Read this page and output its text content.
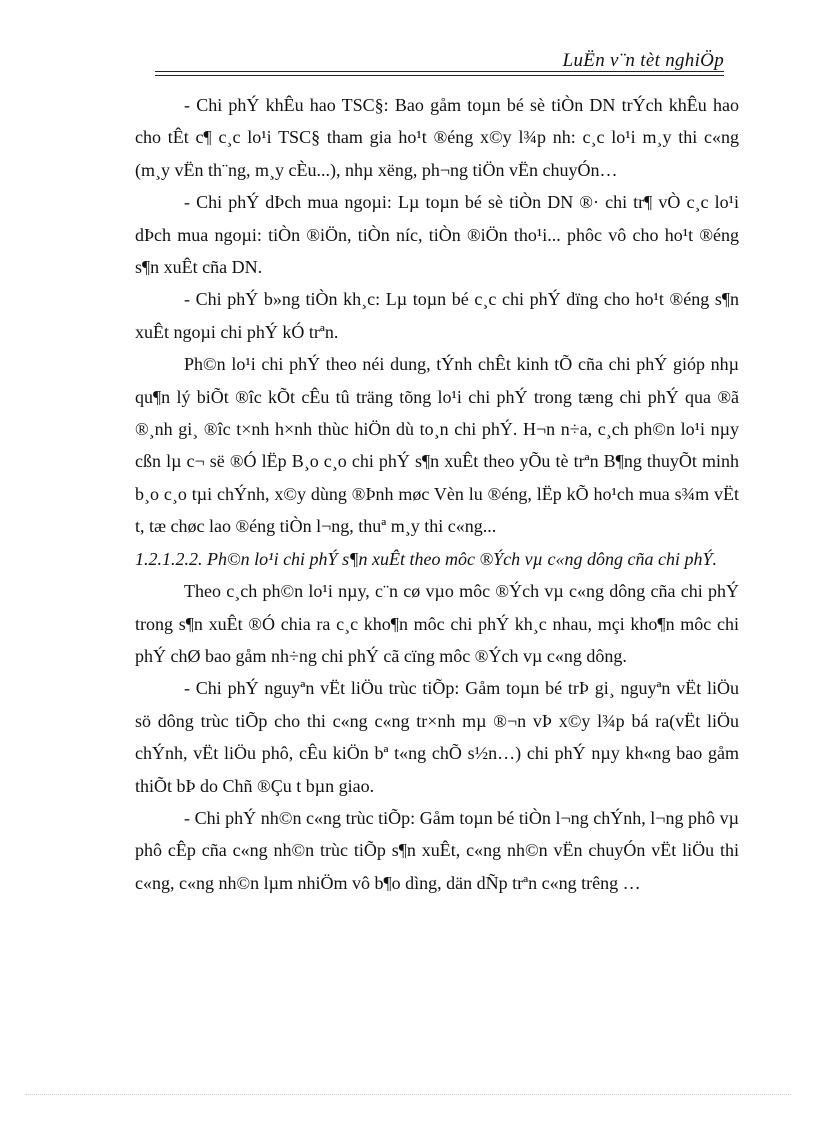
LuËn v¨n tèt nghiÖp

- Chi phÝ khÊu hao TSC§: Bao gåm toµn bé sè tiÒn DN trÝch khÊu hao cho tÊt c¶ c¸c lo¹i TSC§ tham gia ho¹t ®éng x©y l¾p nh: c¸c lo¹i m¸y thi c«ng (m¸y vËn th¨ng, m¸y cÈu...), nhµ xëng, ph¬ng tiÖn vËn chuyÓn…

- Chi phÝ dÞch mua ngoµi: Lµ toµn bé sè tiÒn DN ®· chi tr¶ vÒ c¸c lo¹i dÞch mua ngoµi: tiÒn ®iÖn, tiÒn níc, tiÒn ®iÖn tho¹i... phôc vô cho ho¹t ®éng s¶n xuÊt cña DN.

- Chi phÝ b»ng tiÒn kh¸c: Lµ toµn bé c¸c chi phÝ dïng cho ho¹t ®éng s¶n xuÊt ngoµi chi phÝ kÓ trªn.

Ph©n lo¹i chi phÝ theo néi dung, tÝnh chÊt kinh tÕ cña chi phÝ gióp nhµ qu¶n lý biÕt ®îc kÕt cÊu tû träng tõng lo¹i chi phÝ trong tæng chi phÝ qua ®ã ®¸nh gi¸ ®îc t×nh h×nh thùc hiÖn dù to¸n chi phÝ. H¬n n÷a, c¸ch ph©n lo¹i nµy cßn lµ c¬ së ®Ó lËp B¸o c¸o chi phÝ s¶n xuÊt theo yÕu tè trªn B¶ng thuyÕt minh b¸o c¸o tµi chÝnh, x©y dùng ®Þnh møc Vèn lu ®éng, lËp kÕ ho¹ch mua s¾m vËt t, tæ chøc lao ®éng tiÒn l¬ng, thuª m¸y thi c«ng...

1.2.1.2.2. Ph©n lo¹i chi phÝ s¶n xuÊt theo môc ®Ých vµ c«ng dông cña chi phÝ.

Theo c¸ch ph©n lo¹i nµy, c¨n cø vµo môc ®Ých vµ c«ng dông cña chi phÝ trong s¶n xuÊt ®Ó chia ra c¸c kho¶n môc chi phÝ kh¸c nhau, mçi kho¶n môc chi phÝ chØ bao gåm nh÷ng chi phÝ cã cïng môc ®Ých vµ c«ng dông.

- Chi phÝ nguyªn vËt liÖu trùc tiÕp: Gåm toµn bé trÞ gi¸ nguyªn vËt liÖu sö dông trùc tiÕp cho thi c«ng c«ng tr×nh mµ ®¬n vÞ x©y l¾p bá ra(vËt liÖu chÝnh, vËt liÖu phô, cÊu kiÖn bª t«ng chÕ s½n…) chi phÝ nµy kh«ng bao gåm thiÕt bÞ do Chñ ®Çu t bµn giao.

- Chi phÝ nh©n c«ng trùc tiÕp: Gåm toµn bé tiÒn l¬ng chÝnh, l¬ng phô vµ phô cÊp cña c«ng nh©n trùc tiÕp s¶n xuÊt, c«ng nh©n vËn chuyÓn vËt liÖu thi c«ng, c«ng nh©n lµm nhiÖm vô b¶o dìng, dän dÑp trªn c«ng trêng …
